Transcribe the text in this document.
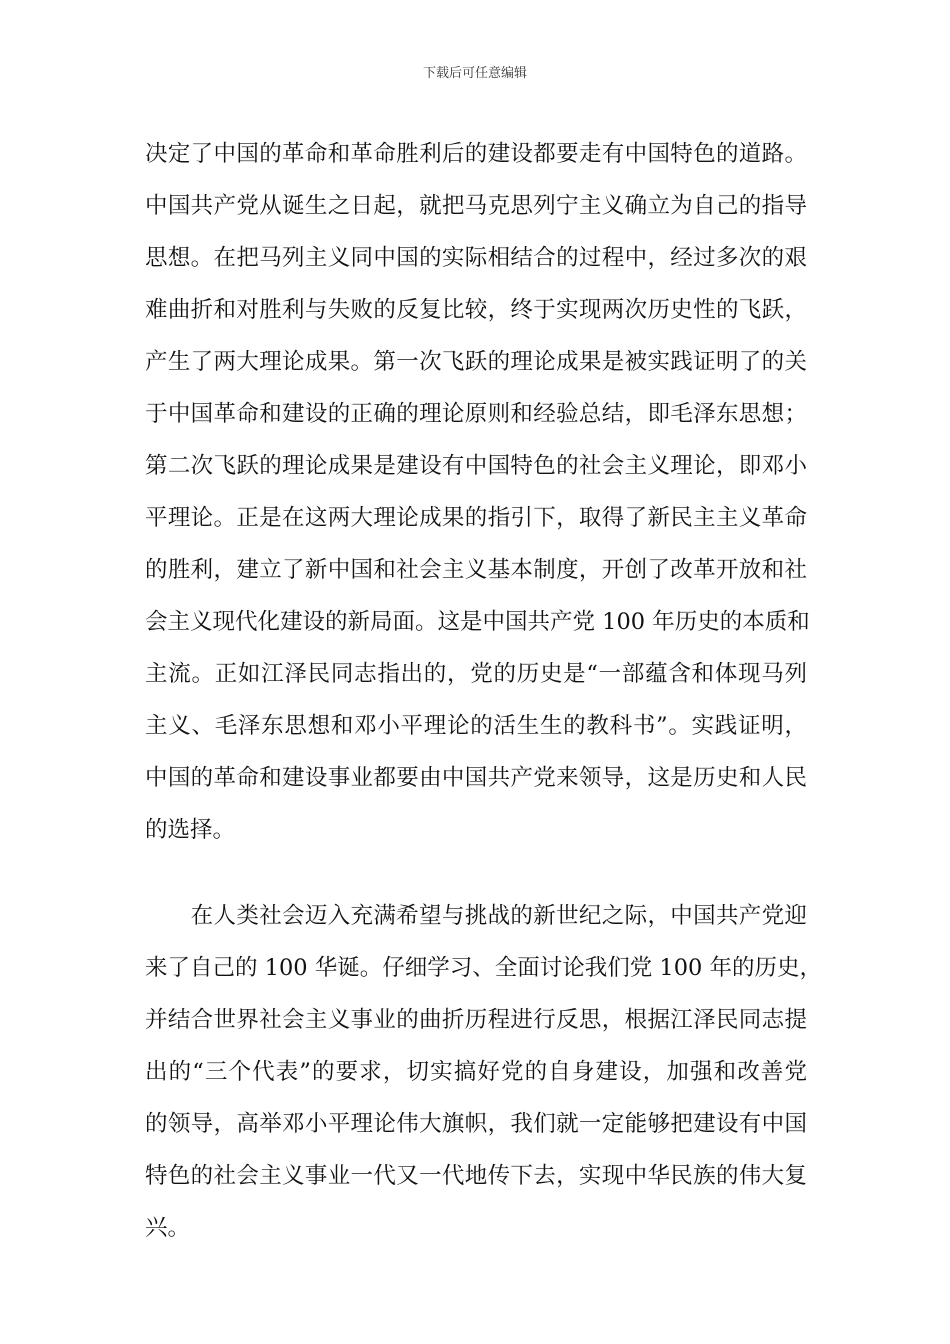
下载后可任意编辑
决定了中国的革命和革命胜利后的建设都要走有中国特色的道路。
中国共产党从诞生之日起，就把马克思列宁主义确立为自己的指导
思想。在把马列主义同中国的实际相结合的过程中，经过多次的艰
难曲折和对胜利与失败的反复比较，终于实现两次历史性的飞跃，
产生了两大理论成果。第一次飞跃的理论成果是被实践证明了的关
于中国革命和建设的正确的理论原则和经验总结，即毛泽东思想；
第二次飞跃的理论成果是建设有中国特色的社会主义理论，即邓小
平理论。正是在这两大理论成果的指引下，取得了新民主主义革命
的胜利，建立了新中国和社会主义基本制度，开创了改革开放和社
会主义现代化建设的新局面。这是中国共产党 100 年历史的本质和
主流。正如江泽民同志指出的，党的历史是“一部蕴含和体现马列
主义、毛泽东思想和邓小平理论的活生生的教科书”。实践证明，
中国的革命和建设事业都要由中国共产党来领导，这是历史和人民
的选择。
　　在人类社会迈入充满希望与挑战的新世纪之际，中国共产党迎
来了自己的 100 华诞。仔细学习、全面讨论我们党 100 年的历史，
并结合世界社会主义事业的曲折历程进行反思，根据江泽民同志提
出的“三个代表”的要求，切实搞好党的自身建设，加强和改善党
的领导，高举邓小平理论伟大旗帜，我们就一定能够把建设有中国
特色的社会主义事业一代又一代地传下去，实现中华民族的伟大复
兴。
